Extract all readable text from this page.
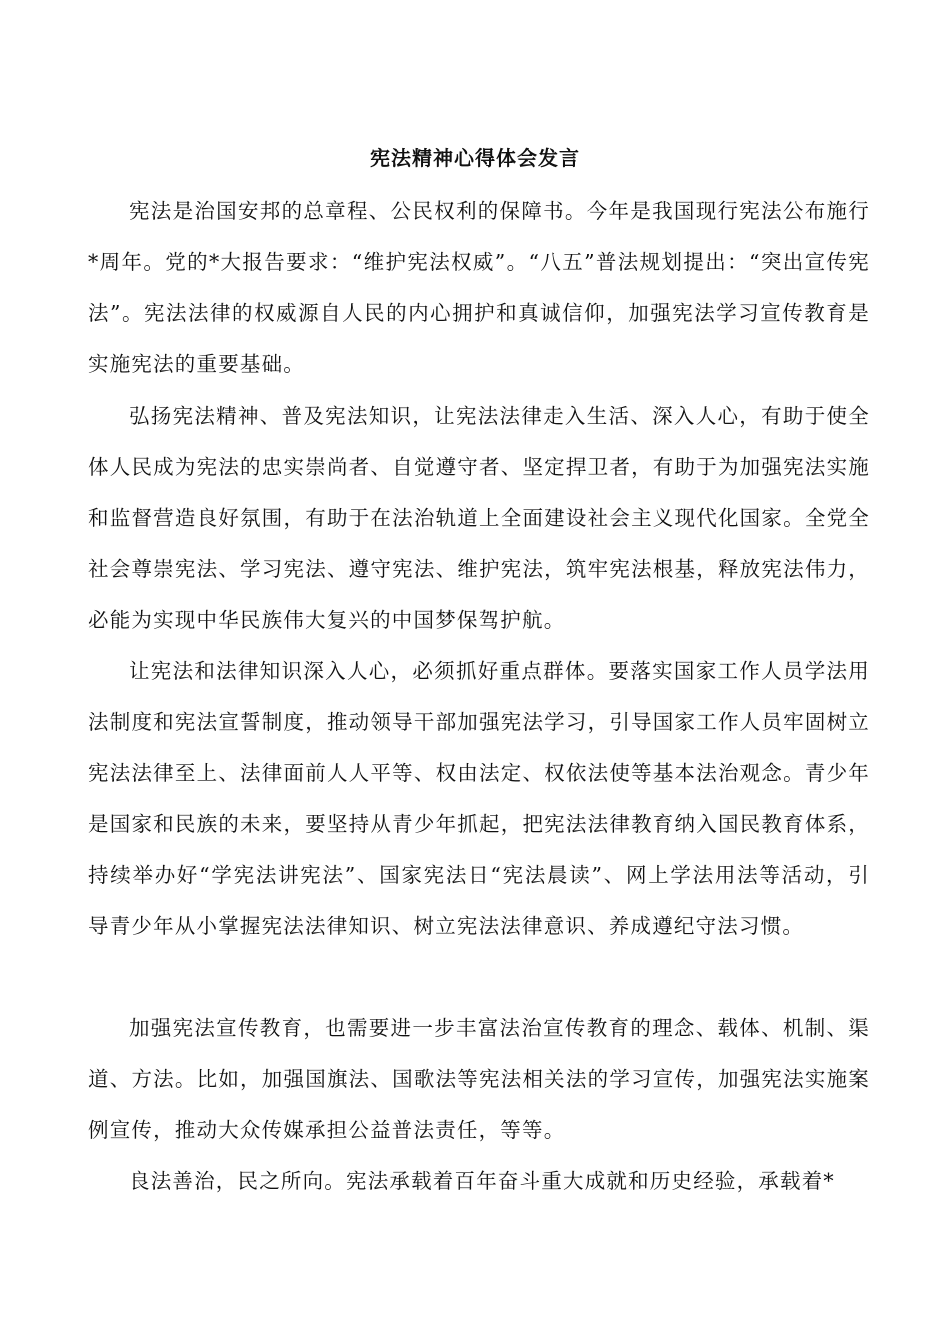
宪法精神心得体会发言

宪法是治国安邦的总章程、公民权利的保障书。今年是我国现行宪法公布施行*周年。党的*大报告要求：“维护宪法权威”。“八五”普法规划提出：“突出宣传宪法”。宪法法律的权威源自人民的内心拥护和真诚信仰，加强宪法学习宣传教育是实施宪法的重要基础。

弘扬宪法精神、普及宪法知识，让宪法法律走入生活、深入人心，有助于使全体人民成为宪法的忠实崇尚者、自觉遵守者、坚定捍卫者，有助于为加强宪法实施和监督营造良好氛围，有助于在法治轨道上全面建设社会主义现代化国家。全党全社会尊崇宪法、学习宪法、遵守宪法、维护宪法，筑牢宪法根基，释放宪法伟力，必能为实现中华民族伟大复兴的中国梦保驾护航。

让宪法和法律知识深入人心，必须抓好重点群体。要落实国家工作人员学法用法制度和宪法宣誓制度，推动领导干部加强宪法学习，引导国家工作人员牢固树立宪法法律至上、法律面前人人平等、权由法定、权依法使等基本法治观念。青少年是国家和民族的未来，要坚持从青少年抓起，把宪法法律教育纳入国民教育体系，持续举办好“学宪法讲宪法”、国家宪法日“宪法晨读”、网上学法用法等活动，引导青少年从小掌握宪法法律知识、树立宪法法律意识、养成遵纪守法习惯。

加强宪法宣传教育，也需要进一步丰富法治宣传教育的理念、载体、机制、渠道、方法。比如，加强国旗法、国歌法等宪法相关法的学习宣传，加强宪法实施案例宣传，推动大众传媒承担公益普法责任，等等。

良法善治，民之所向。宪法承载着百年奋斗重大成就和历史经验，承载着*
